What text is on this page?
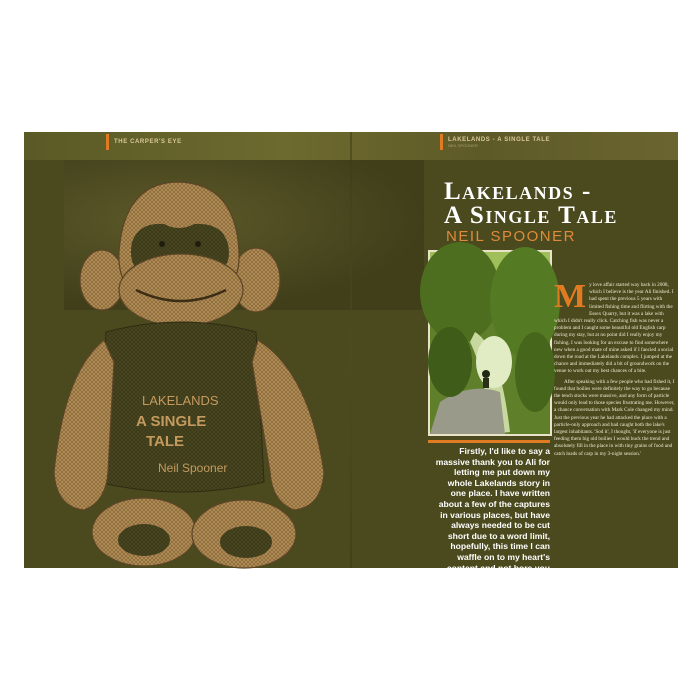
THE CARPER'S EYE	LAKELANDS - A SINGLE TALE
NEIL SPOONER
LAKELANDS
A SINGLE
TALE
Neil Spooner
Lakelands -
A Single Tale
NEIL SPOONER

My love affair started way back in 2008, which I believe is the year Ali finished. I had spent the previous 5 years with limited fishing time and flirting with the Essex Quarry, but it was a lake with which I didn't really click. Catching fish was never a problem and I caught some beautiful old English carp during my stay, but at no point did I really enjoy my fishing. I was looking for an excuse to find somewhere new when a good mate of mine asked if I fancied a social down the road at the Lakelands complex. I jumped at the chance and immediately did a bit of groundwork on the venue to work out my best chances of a bite.

After speaking with a few people who had fished it, I found that boilies were definitely the way to go because the tench stocks were massive, and any form of particle would only lead to those species frustrating me. However, a chance conversation with Mark Cole changed my mind. Just the previous year he had attacked the place with a particle-only approach and had caught both the lake's largest inhabitants. 'Sod it', I thought, 'if everyone is just feeding them big old boilies I would buck the trend and absolutely fill in the place in with tiny grains of food and catch loads of carp in my 3-night session.'

Firstly, I'd like to say a massive thank you to Ali for letting me put down my whole Lakelands story in one place. I have written about a few of the captures in various places, but have always needed to be cut short due to a word limit, hopefully, this time I can waffle on to my heart's content and not bore you too much!
